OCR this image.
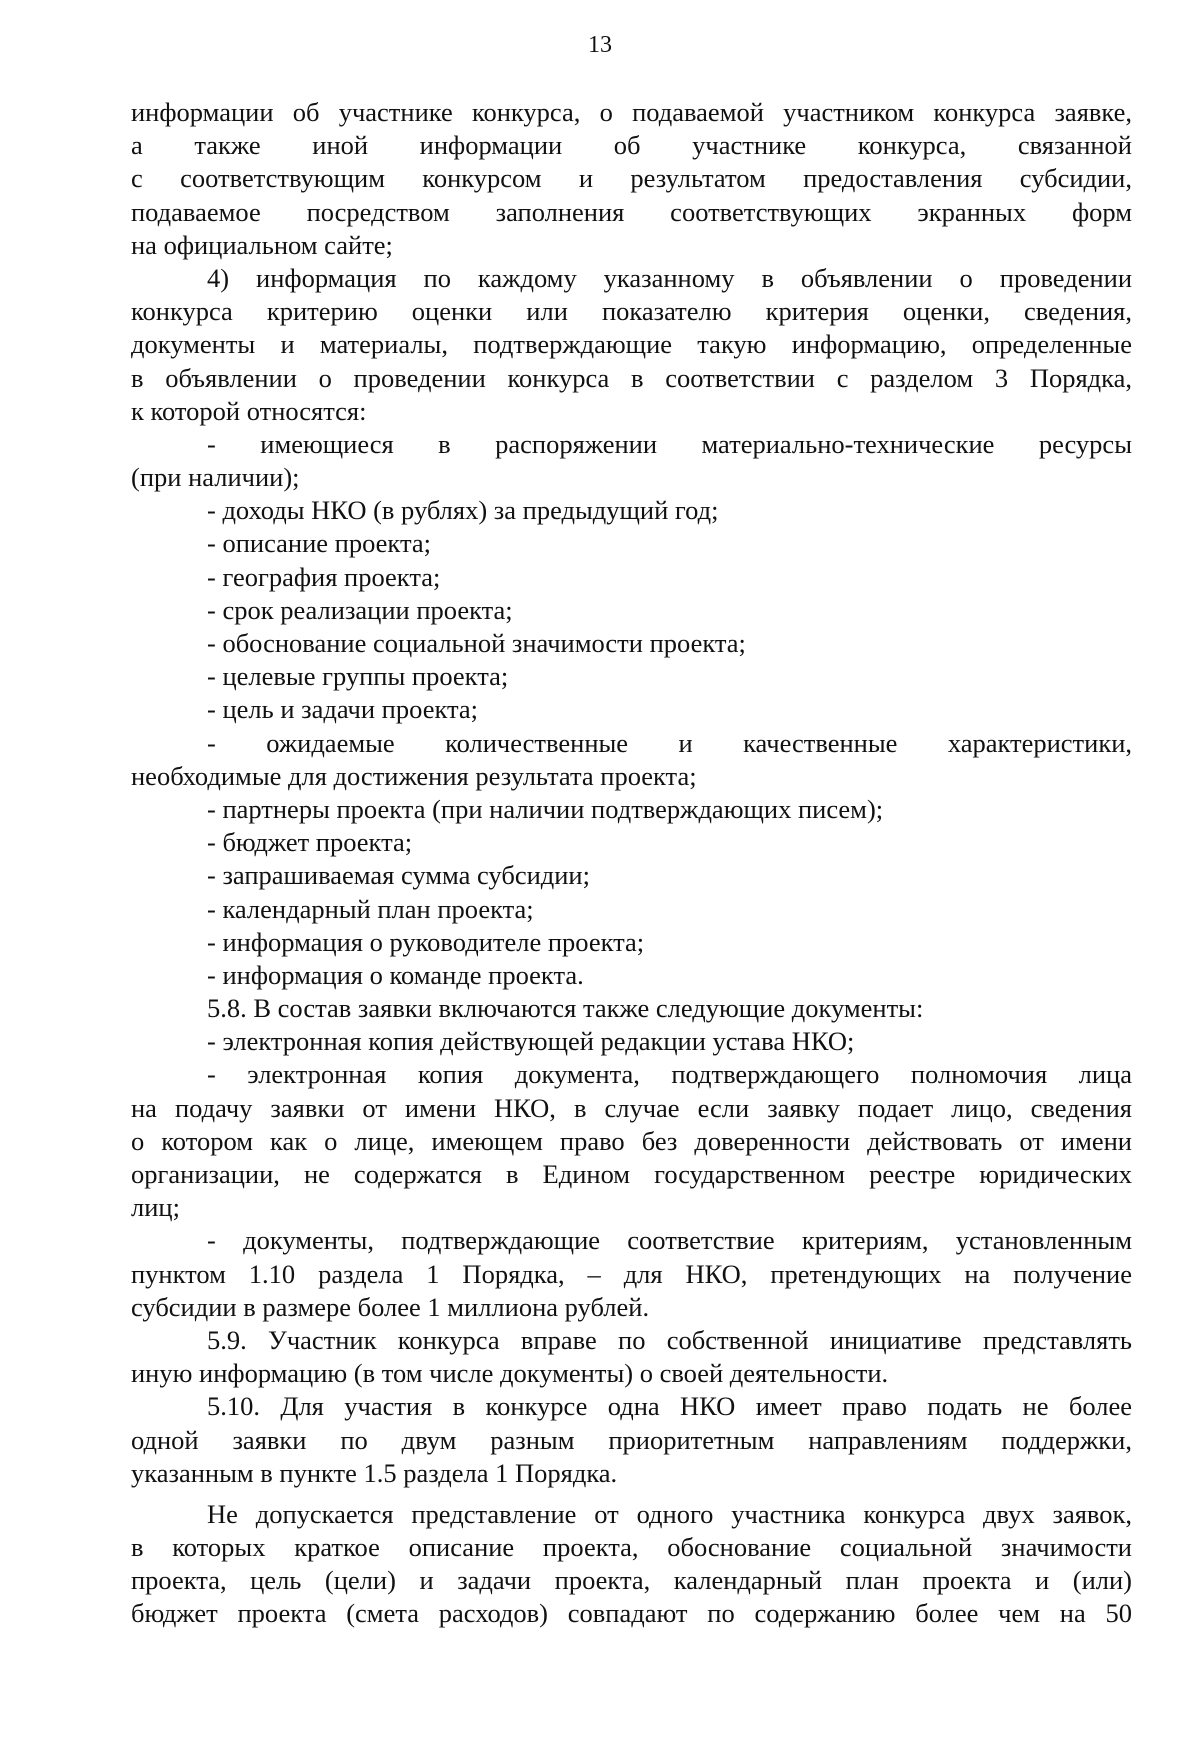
13
информации об участнике конкурса, о подаваемой участником конкурса заявке,
а также иной информации об участнике конкурса, связанной
с соответствующим конкурсом и результатом предоставления субсидии,
подаваемое посредством заполнения соответствующих экранных форм
на официальном сайте;
4) информация по каждому указанному в объявлении о проведении
конкурса критерию оценки или показателю критерия оценки, сведения,
документы и материалы, подтверждающие такую информацию, определенные
в объявлении о проведении конкурса в соответствии с разделом 3 Порядка,
к которой относятся:
- имеющиеся в распоряжении материально-технические ресурсы
(при наличии);
- доходы НКО (в рублях) за предыдущий год;
- описание проекта;
- география проекта;
- срок реализации проекта;
- обоснование социальной значимости проекта;
- целевые группы проекта;
- цель и задачи проекта;
- ожидаемые количественные и качественные характеристики,
необходимые для достижения результата проекта;
- партнеры проекта (при наличии подтверждающих писем);
- бюджет проекта;
- запрашиваемая сумма субсидии;
- календарный план проекта;
- информация о руководителе проекта;
- информация о команде проекта.
5.8. В состав заявки включаются также следующие документы:
- электронная копия действующей редакции устава НКО;
- электронная копия документа, подтверждающего полномочия лица
на подачу заявки от имени НКО, в случае если заявку подает лицо, сведения
о котором как о лице, имеющем право без доверенности действовать от имени
организации, не содержатся в Едином государственном реестре юридических
лиц;
- документы, подтверждающие соответствие критериям, установленным
пунктом 1.10 раздела 1 Порядка, – для НКО, претендующих на получение
субсидии в размере более 1 миллиона рублей.
5.9. Участник конкурса вправе по собственной инициативе представлять
иную информацию (в том числе документы) о своей деятельности.
5.10. Для участия в конкурсе одна НКО имеет право подать не более
одной заявки по двум разным приоритетным направлениям поддержки,
указанным в пункте 1.5 раздела 1 Порядка.
Не допускается представление от одного участника конкурса двух заявок,
в которых краткое описание проекта, обоснование социальной значимости
проекта, цель (цели) и задачи проекта, календарный план проекта и (или)
бюджет проекта (смета расходов) совпадают по содержанию более чем на 50
